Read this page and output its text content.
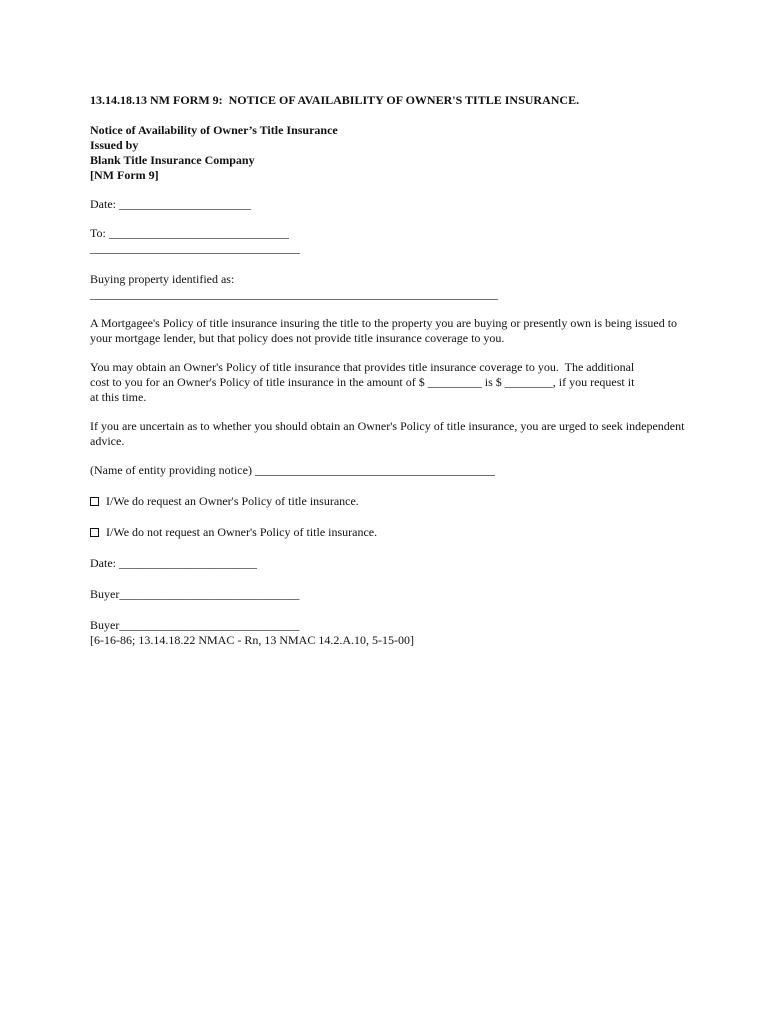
13.14.18.13 NM FORM 9:  NOTICE OF AVAILABILITY OF OWNER'S TITLE INSURANCE.

Notice of Availability of Owner’s Title Insurance

Issued by

Blank Title Insurance Company

[NM Form 9]

Date: ______________________

To: ______________________________

___________________________________

Buying property identified as:

____________________________________________________________________

A Mortgagee's Policy of title insurance insuring the title to the property you are buying or presently own is being issued to your mortgage lender, but that policy does not provide title insurance coverage to you.

You may obtain an Owner's Policy of title insurance that provides title insurance coverage to you.  The additional

cost to you for an Owner's Policy of title insurance in the amount of $ _________ is $ ________, if you request it

at this time.

If you are uncertain as to whether you should obtain an Owner's Policy of title insurance, you are urged to seek independent advice.

(Name of entity providing notice) ________________________________________

I/We do request an Owner's Policy of title insurance.
I/We do not request an Owner's Policy of title insurance.

Date: _______________________

Buyer______________________________

Buyer______________________________

[6-16-86; 13.14.18.22 NMAC - Rn, 13 NMAC 14.2.A.10, 5-15-00]
